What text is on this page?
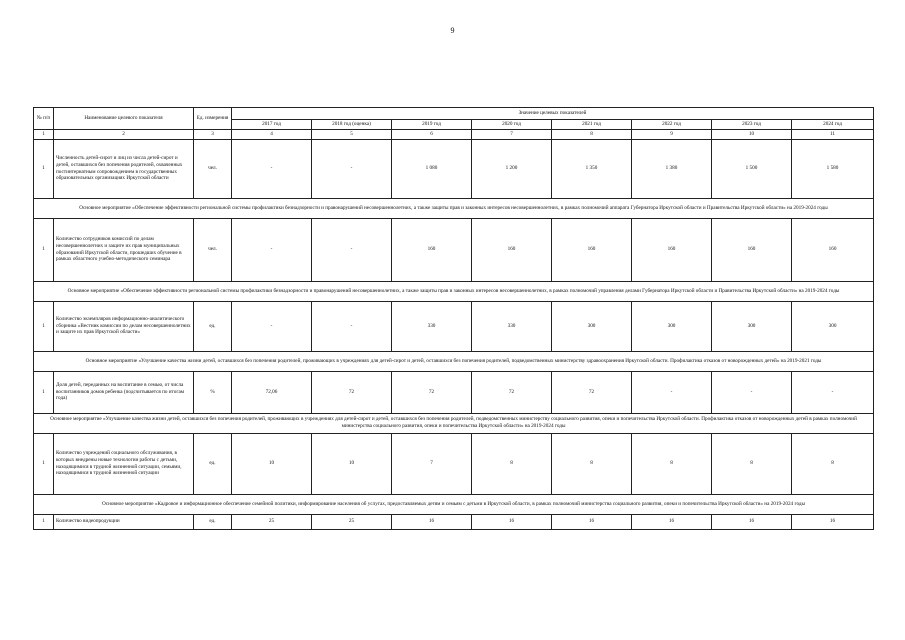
9
№ п/п	Наименование целевого показателя	Ед. измерения	Значение целевых показателей							
			2017 год	2018 год (оценка)	2019 год	2020 год	2021 год	2022 год	2023 год	2024 год
1	2	3	4	5	6	7	8	9	10	11
1	Численность детей-сирот и лиц из числа детей-сирот и детей, оставшихся без попечения родителей, охваченных постинтернатным сопровождением в государственных образовательных организациях Иркутской области	чел.	-	-	1 080	1 200	1 350	1 380	1 500	1 580
Основное мероприятие «Обеспечение эффективности региональной системы профилактики безнадзорности и правонарушений несовершеннолетних, а также защиты прав и законных интересов несовершеннолетних, в рамках полномочий аппарата Губернатора Иркутской области и Правительства Иркутской области» на 2019-2024 годы										
1	Количество сотрудников комиссий по делам несовершеннолетних и защите их прав муниципальных образований Иркутской области, прошедших обучение в рамках областного учебно-методического семинара	чел.	-	-	160	160	160	160	160	160
Основное мероприятие «Обеспечение эффективности региональной системы профилактики безнадзорности и правонарушений несовершеннолетних, а также защиты прав и законных интересов несовершеннолетних, в рамках полномочий управления делами Губернатора Иркутской области и Правительства Иркутской области» на 2019-2024 годы										
1	Количество экземпляров информационно-аналитического сборника «Вестник комиссии по делам несовершеннолетних и защите их прав Иркутской области»	ед.	-	-	330	330	300	300	300	300
Основное мероприятие «Улучшение качества жизни детей, оставшихся без попечения родителей, проживающих в учреждениях для детей-сирот и детей, оставшихся без попечения родителей, подведомственных министерству здравоохранения Иркутской области. Профилактика отказов от новорожденных детей» на 2019-2021 годы										
1	Доля детей, переданных на воспитание в семью, от числа воспитанников домов ребенка (подсчитывается по итогам года)	%	72,06	72	72	72	72	-	-	-
Основное мероприятие «Улучшение качества жизни детей, оставшихся без попечения родителей, проживающих в учреждениях для детей-сирот и детей, оставшихся без попечения родителей, подведомственных министерству социального развития, опеки и попечительства Иркутской области. Профилактика отказов от новорожденных детей в рамках полномочий министерства социального развития, опеки и попечительства Иркутской области» на 2019-2024 годы										
1	Количество учреждений социального обслуживания, в которых внедрены новые технологии работы с детьми, находящимися в трудной жизненной ситуации, семьями, находящимися в трудной жизненной ситуации	ед.	10	10	7	8	8	8	8	8
Основное мероприятие «Кадровое и информационное обеспечение семейной политики, информирование населения об услугах, предоставляемых детям и семьям с детьми в Иркутской области, в рамках полномочий министерства социального развития, опеки и попечительства Иркутской области» на 2019-2024 годы										
1	Количество видеопродукции	ед.	25	25	16	16	16	16	16	16
